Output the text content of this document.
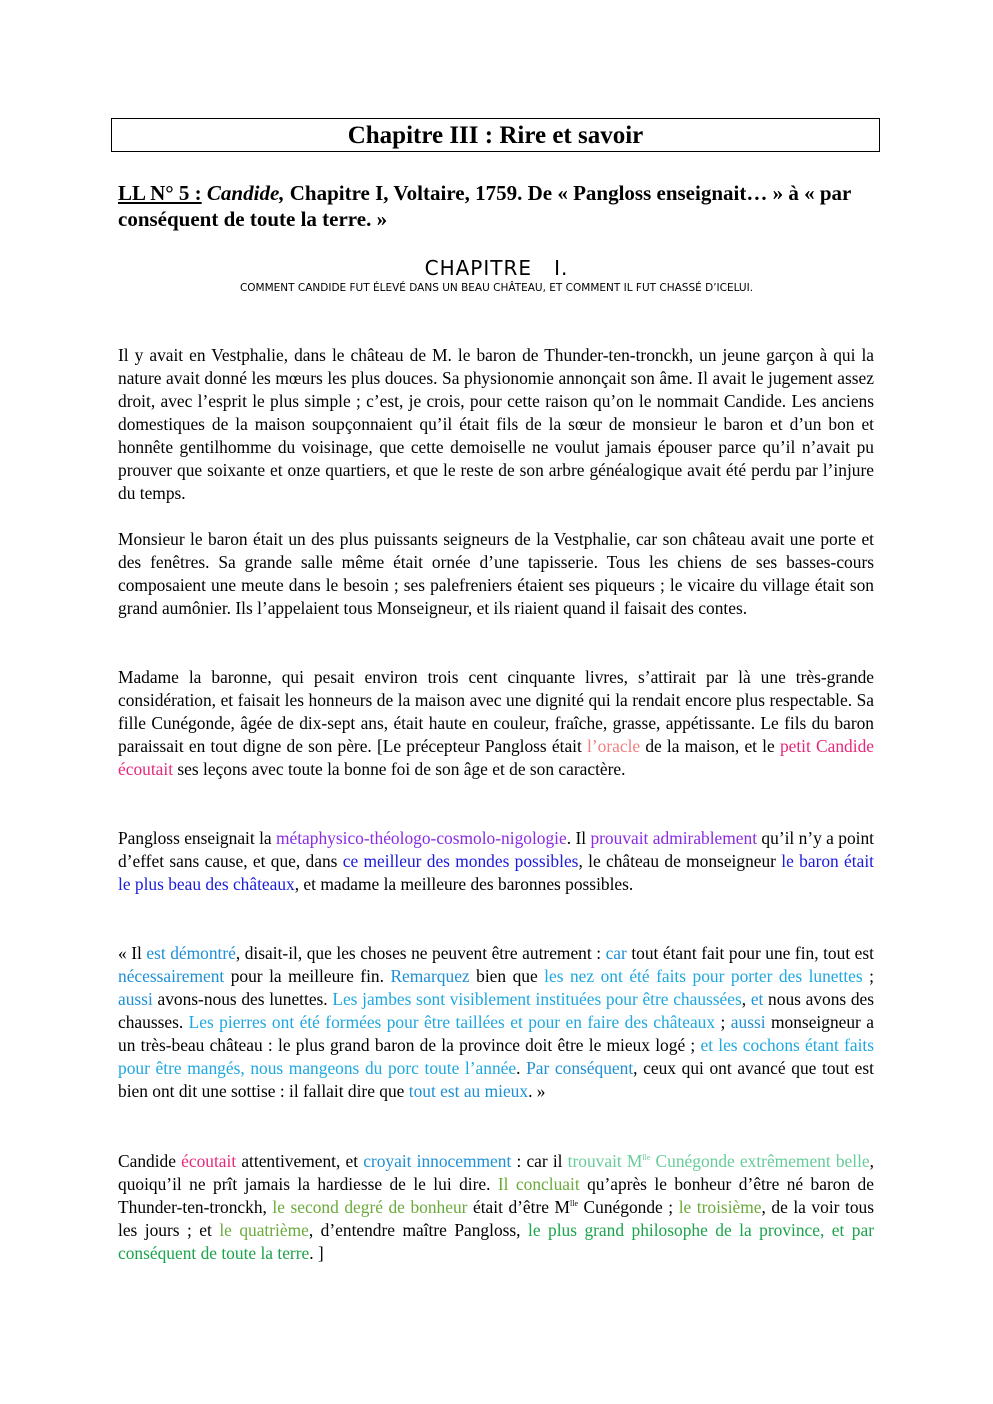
Chapitre III : Rire et savoir
LL N° 5 : Candide, Chapitre I, Voltaire, 1759. De « Pangloss enseignait… » à « par conséquent de toute la terre. »
CHAPITRE   I.
COMMENT CANDIDE FUT ÉLEVÉ DANS UN BEAU CHÂTEAU, ET COMMENT IL FUT CHASSÉ D’ICELUI.

Il y avait en Vestphalie, dans le château de M. le baron de Thunder-ten-tronckh, un jeune garçon à qui la nature avait donné les mœurs les plus douces. Sa physionomie annonçait son âme. Il avait le jugement assez droit, avec l’esprit le plus simple ; c’est, je crois, pour cette raison qu’on le nommait Candide. Les anciens domestiques de la maison soupçonnaient qu’il était fils de la sœur de monsieur le baron et d’un bon et honnête gentilhomme du voisinage, que cette demoiselle ne voulut jamais épouser parce qu’il n’avait pu prouver que soixante et onze quartiers, et que le reste de son arbre généalogique avait été perdu par l’injure du temps.

Monsieur le baron était un des plus puissants seigneurs de la Vestphalie, car son château avait une porte et des fenêtres. Sa grande salle même était ornée d’une tapisserie. Tous les chiens de ses basses-cours composaient une meute dans le besoin ; ses palefreniers étaient ses piqueurs ; le vicaire du village était son grand aumônier. Ils l’appelaient tous Monseigneur, et ils riaient quand il faisait des contes.

Madame la baronne, qui pesait environ trois cent cinquante livres, s’attirait par là une très-grande considération, et faisait les honneurs de la maison avec une dignité qui la rendait encore plus respectable. Sa fille Cunégonde, âgée de dix-sept ans, était haute en couleur, fraîche, grasse, appétissante. Le fils du baron paraissait en tout digne de son père. [Le précepteur Pangloss était l’oracle de la maison, et le petit Candide écoutait ses leçons avec toute la bonne foi de son âge et de son caractère.

Pangloss enseignait la métaphysico-théologo-cosmolo-nigologie. Il prouvait admirablement qu’il n’y a point d’effet sans cause, et que, dans ce meilleur des mondes possibles, le château de monseigneur le baron était le plus beau des châteaux, et madame la meilleure des baronnes possibles.

« Il est démontré, disait-il, que les choses ne peuvent être autrement : car tout étant fait pour une fin, tout est nécessairement pour la meilleure fin. Remarquez bien que les nez ont été faits pour porter des lunettes ; aussi avons-nous des lunettes. Les jambes sont visiblement instituées pour être chaussées, et nous avons des chausses. Les pierres ont été formées pour être taillées et pour en faire des châteaux ; aussi monseigneur a un très-beau château : le plus grand baron de la province doit être le mieux logé ; et les cochons étant faits pour être mangés, nous mangeons du porc toute l’année. Par conséquent, ceux qui ont avancé que tout est bien ont dit une sottise : il fallait dire que tout est au mieux. »

Candide écoutait attentivement, et croyait innocemment : car il trouvait $M^{lle}$ Cunégonde extrêmement belle, quoiqu’il ne prît jamais la hardiesse de le lui dire. Il concluait qu’après le bonheur d’être né baron de Thunder-ten-tronckh, le second degré de bonheur était d’être $M^{lle}$ Cunégonde ; le troisième, de la voir tous les jours ; et le quatrième, d’entendre maître Pangloss, le plus grand philosophe de la province, et par conséquent de toute la terre. ]
